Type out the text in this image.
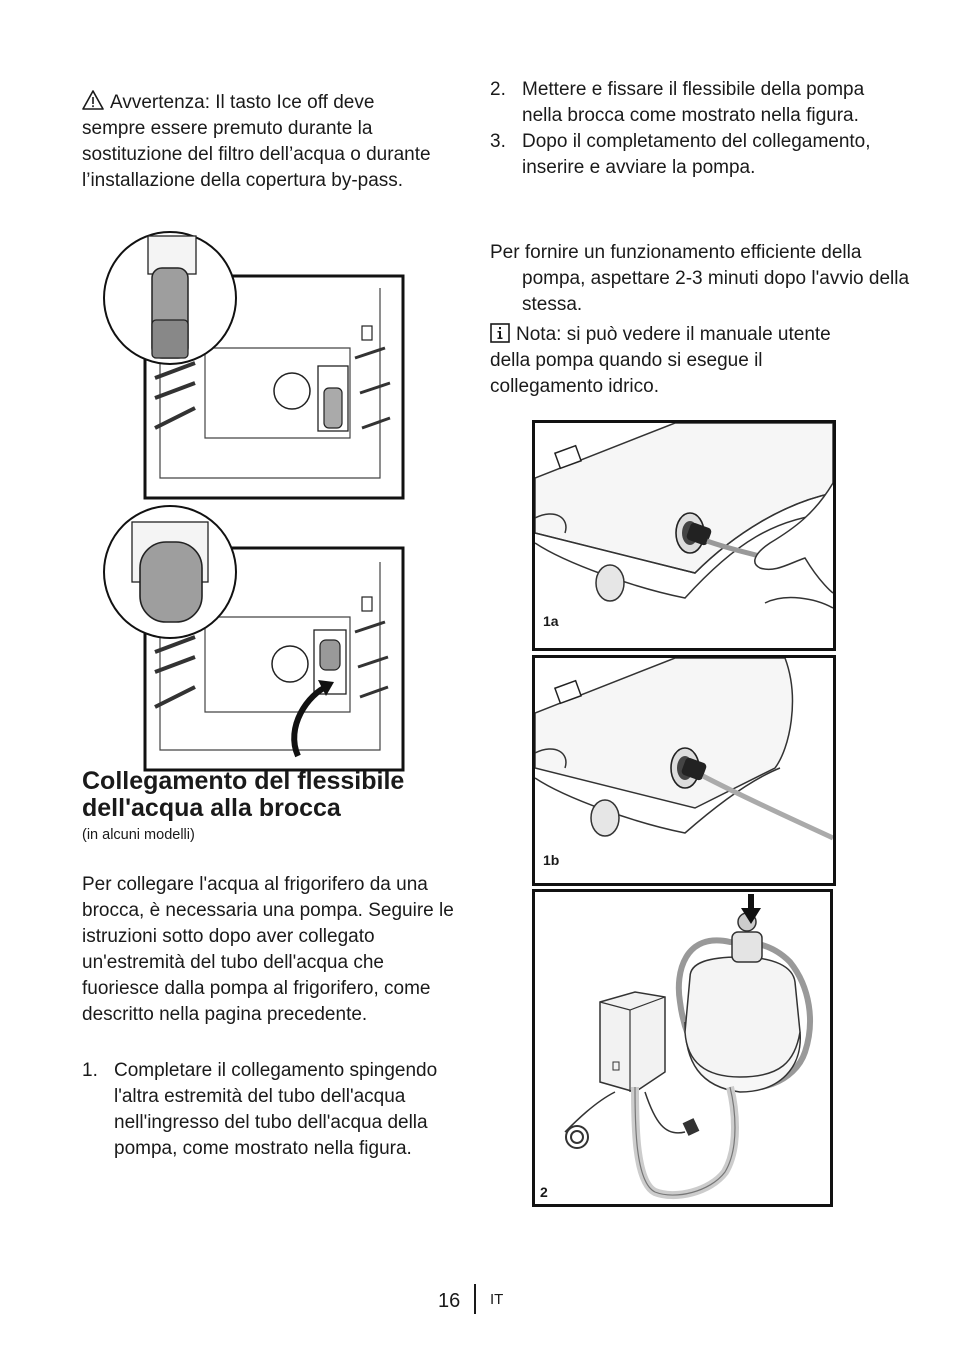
Avvertenza: Il tasto Ice off deve sempre essere premuto durante la sostituzione del filtro dell’acqua o durante l’installazione della copertura by-pass.

Collegamento del flessibile dell'acqua alla brocca

(in alcuni modelli)

Per collegare l'acqua al frigorifero da una brocca, è necessaria una pompa. Seguire le istruzioni sotto dopo aver collegato un'estremità del tubo dell'acqua che fuoriesce dalla pompa al frigorifero, come descritto nella pagina precedente.

1. Completare il collegamento spingendo l'altra estremità del tubo dell'acqua nell'ingresso del tubo dell'acqua della pompa, come mostrato nella figura.
2. Mettere e fissare il flessibile della pompa nella brocca come mostrato nella figura.
3. Dopo il completamento del collegamento, inserire e avviare la pompa.

Per fornire un funzionamento efficiente della pompa, aspettare 2-3 minuti dopo l'avvio della stessa.

Nota: si può vedere il manuale utente della pompa quando si esegue il collegamento idrico.

1a
1b
2
16 IT
